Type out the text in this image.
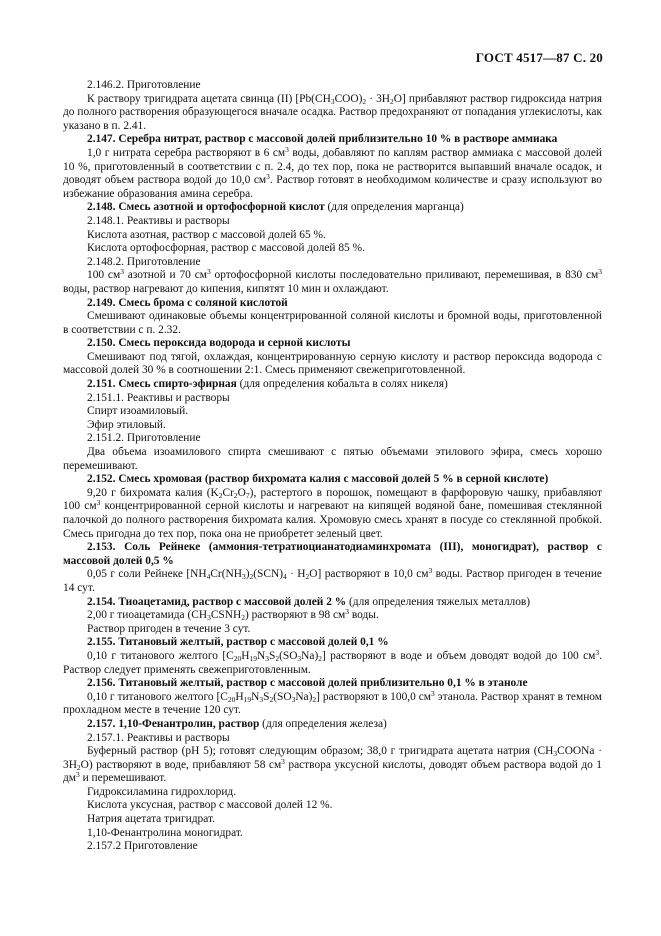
ГОСТ 4517—87 С. 20

2.146.2. Приготовление

К раствору тригидрата ацетата свинца (II) $[Pb(CH_3COO)_2 \cdot 3H_2O]$ прибавляют раствор гидроксида натрия до полного растворения образующегося вначале осадка. Раствор предохраняют от попадания углекислоты, как указано в п. 2.41.

2.147. Серебра нитрат, раствор с массовой долей приблизительно 10 % в растворе аммиака

1,0 г нитрата серебра растворяют в 6 $см^3$ воды, добавляют по каплям раствор аммиака с массовой долей 10 %, приготовленный в соответствии с п. 2.4, до тех пор, пока не растворится выпавший вначале осадок, и доводят объем раствора водой до 10,0 $см^3$. Раствор готовят в необходимом количестве и сразу используют во избежание образования амина серебра.

2.148. Смесь азотной и ортофосфорной кислот (для определения марганца)

2.148.1. Реактивы и растворы

Кислота азотная, раствор с массовой долей 65 %.

Кислота ортофосфорная, раствор с массовой долей 85 %.

2.148.2. Приготовление

100 $см^3$ азотной и 70 $см^3$ ортофосфорной кислоты последовательно приливают, перемешивая, в 830 $см^3$ воды, раствор нагревают до кипения, кипятят 10 мин и охлаждают.

2.149. Смесь брома с соляной кислотой

Смешивают одинаковые объемы концентрированной соляной кислоты и бромной воды, приготовленной в соответствии с п. 2.32.

2.150. Смесь пероксида водорода и серной кислоты

Смешивают под тягой, охлаждая, концентрированную серную кислоту и раствор пероксида водорода с массовой долей 30 % в соотношении 2:1. Смесь применяют свежеприготовленной.

2.151. Смесь спирто-эфирная (для определения кобальта в солях никеля)

2.151.1. Реактивы и растворы

Спирт изоамиловый.

Эфир этиловый.

2.151.2. Приготовление

Два объема изоамилового спирта смешивают с пятью объемами этилового эфира, смесь хорошо перемешивают.

2.152. Смесь хромовая (раствор бихромата калия с массовой долей 5 % в серной кислоте)

9,20 г бихромата калия $(K_2Cr_2O_7)$, растертого в порошок, помещают в фарфоровую чашку, прибавляют 100 $см^3$ концентрированной серной кислоты и нагревают на кипящей водяной бане, помешивая стеклянной палочкой до полного растворения бихромата калия. Хромовую смесь хранят в посуде со стеклянной пробкой. Смесь пригодна до тех пор, пока она не приобретет зеленый цвет.

2.153. Соль Рейнеке (аммония-тетратиоцианатодиаминхромата (III), моногидрат), раствор с массовой долей 0,5 %

0,05 г соли Рейнеке $[NH_4Cr(NH_3)_2(SCN)_4 \cdot H_2O]$ растворяют в 10,0 $см^3$ воды. Раствор пригоден в течение 14 сут.

2.154. Тиоацетамид, раствор с массовой долей 2 % (для определения тяжелых металлов)

2,00 г тиоацетамида $(CH_3CSNH_2)$ растворяют в 98 $см^3$ воды.

Раствор пригоден в течение 3 сут.

2.155. Титановый желтый, раствор с массовой долей 0,1 %

0,10 г титанового желтого $[C_{20}H_{19}N_3S_2(SO_3Na)_2]$ растворяют в воде и объем доводят водой до 100 $см^3$. Раствор следует применять свежеприготовленным.

2.156. Титановый желтый, раствор с массовой долей приблизительно 0,1 % в этаноле

0,10 г титанового желтого $[C_{20}H_{19}N_3S_2(SO_3Na)_2]$ растворяют в 100,0 $см^3$ этанола. Раствор хранят в темном прохладном месте в течение 120 сут.

2.157. 1,10-Фенантролин, раствор (для определения железа)

2.157.1. Реактивы и растворы

Буферный раствор (pH 5); готовят следующим образом; 38,0 г тригидрата ацетата натрия $(CH_3COONa \cdot 3H_2O)$ растворяют в воде, прибавляют 58 $см^3$ раствора уксусной кислоты, доводят объем раствора водой до 1 $дм^3$ и перемешивают.

Гидроксиламина гидрохлорид.

Кислота уксусная, раствор с массовой долей 12 %.

Натрия ацетата тригидрат.

1,10-Фенантролина моногидрат.

2.157.2 Приготовление
